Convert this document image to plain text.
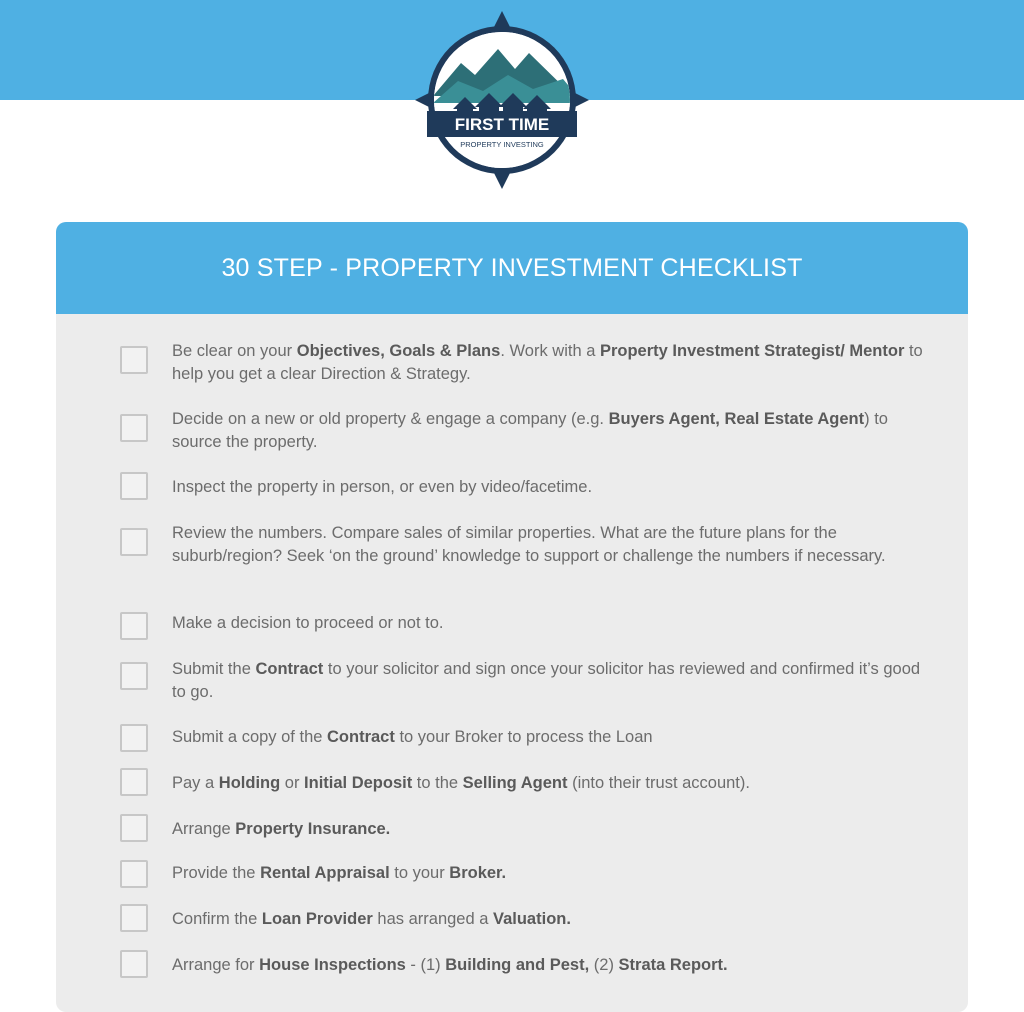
FIRST TIME
PROPERTY INVESTING
30 STEP - PROPERTY INVESTMENT CHECKLIST
Be clear on your Objectives, Goals & Plans. Work with a Property Investment Strategist/ Mentor to help you get a clear Direction & Strategy.
Decide on a new or old property & engage a company (e.g. Buyers Agent, Real Estate Agent) to source the property.
Inspect the property in person, or even by video/facetime.
Review the numbers. Compare sales of similar properties. What are the future plans for the suburb/region? Seek ‘on the ground’ knowledge to support or challenge the numbers if necessary.
Make a decision to proceed or not to.
Submit the Contract to your solicitor and sign once your solicitor has reviewed and confirmed it’s good to go.
Submit a copy of the Contract to your Broker to process the Loan
Pay a Holding or Initial Deposit to the Selling Agent (into their trust account).
Arrange Property Insurance.
Provide the Rental Appraisal to your Broker.
Confirm the Loan Provider has arranged a Valuation.
Arrange for House Inspections - (1) Building and Pest, (2) Strata Report.
